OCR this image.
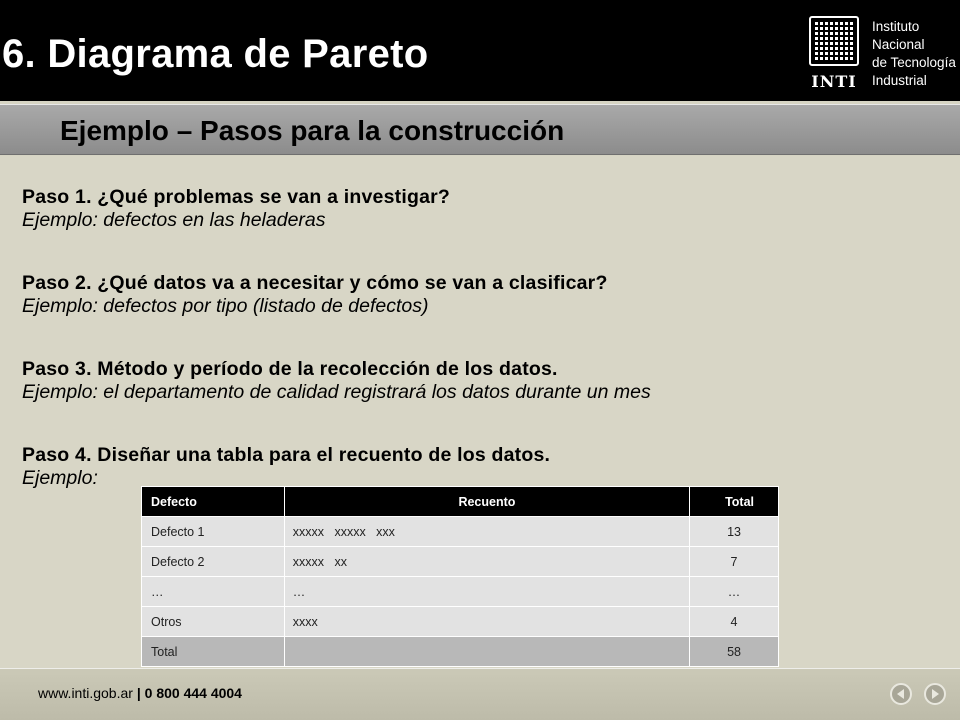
6. Diagrama de Pareto
INTI
Instituto
Nacional
de Tecnología
Industrial
Ejemplo – Pasos para la construcción
Paso 1. ¿Qué problemas se van a investigar?
Ejemplo: defectos en las heladeras
Paso 2. ¿Qué datos va a necesitar y cómo se van a clasificar?
Ejemplo: defectos por tipo (listado de defectos)
Paso 3. Método y período de la recolección de los datos.
Ejemplo: el departamento de calidad registrará los datos durante un mes
Paso 4. Diseñar una tabla para el recuento de los datos.
Ejemplo:
Defecto	Recuento	Total
Defecto 1	xxxxx   xxxxx   xxx	13
Defecto 2	xxxxx   xx	7
…	…	…
Otros	xxxx	4
Total		58
www.inti.gob.ar | 0 800 444 4004
